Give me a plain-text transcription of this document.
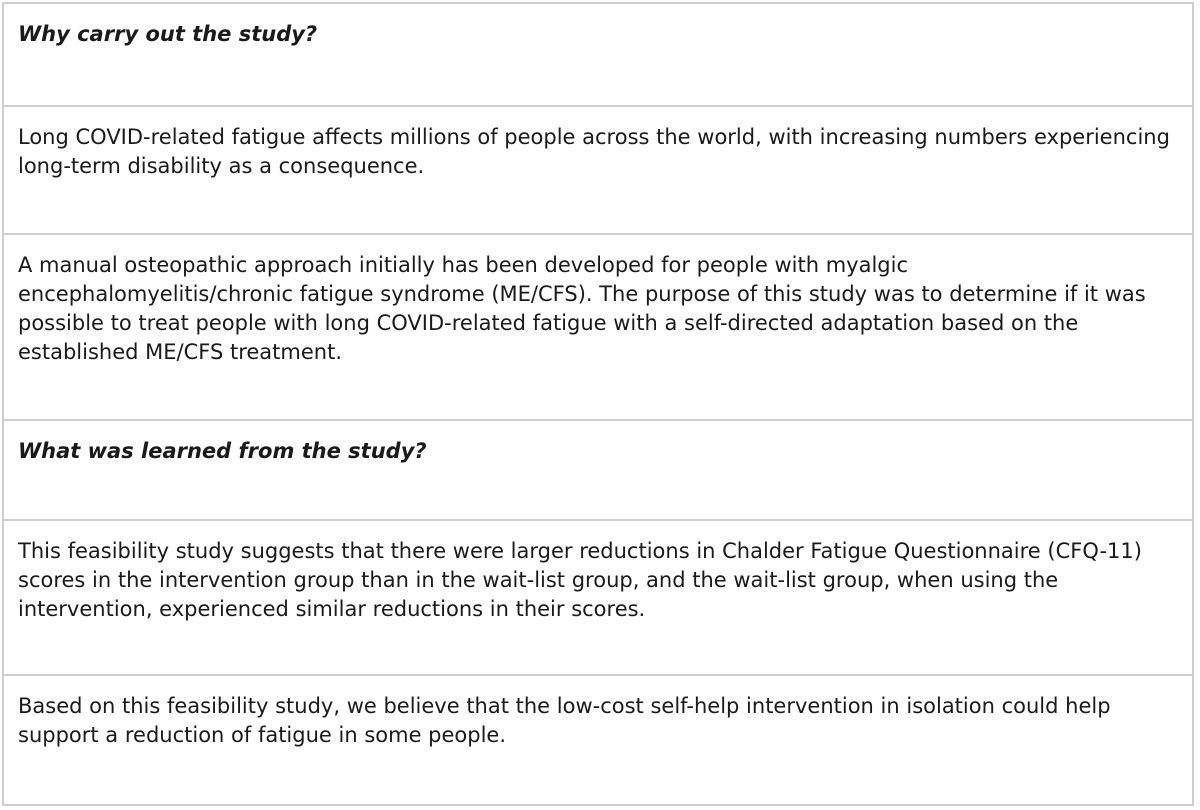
Why carry out the study?
Long COVID-related fatigue affects millions of people across the world, with increasing numbers experiencing long-term disability as a consequence.
A manual osteopathic approach initially has been developed for people with myalgic encephalomyelitis/chronic fatigue syndrome (ME/CFS). The purpose of this study was to determine if it was possible to treat people with long COVID-related fatigue with a self-directed adaptation based on the established ME/CFS treatment.
What was learned from the study?
This feasibility study suggests that there were larger reductions in Chalder Fatigue Questionnaire (CFQ-11) scores in the intervention group than in the wait-list group, and the wait-list group, when using the intervention, experienced similar reductions in their scores.
Based on this feasibility study, we believe that the low-cost self-help intervention in isolation could help support a reduction of fatigue in some people.
